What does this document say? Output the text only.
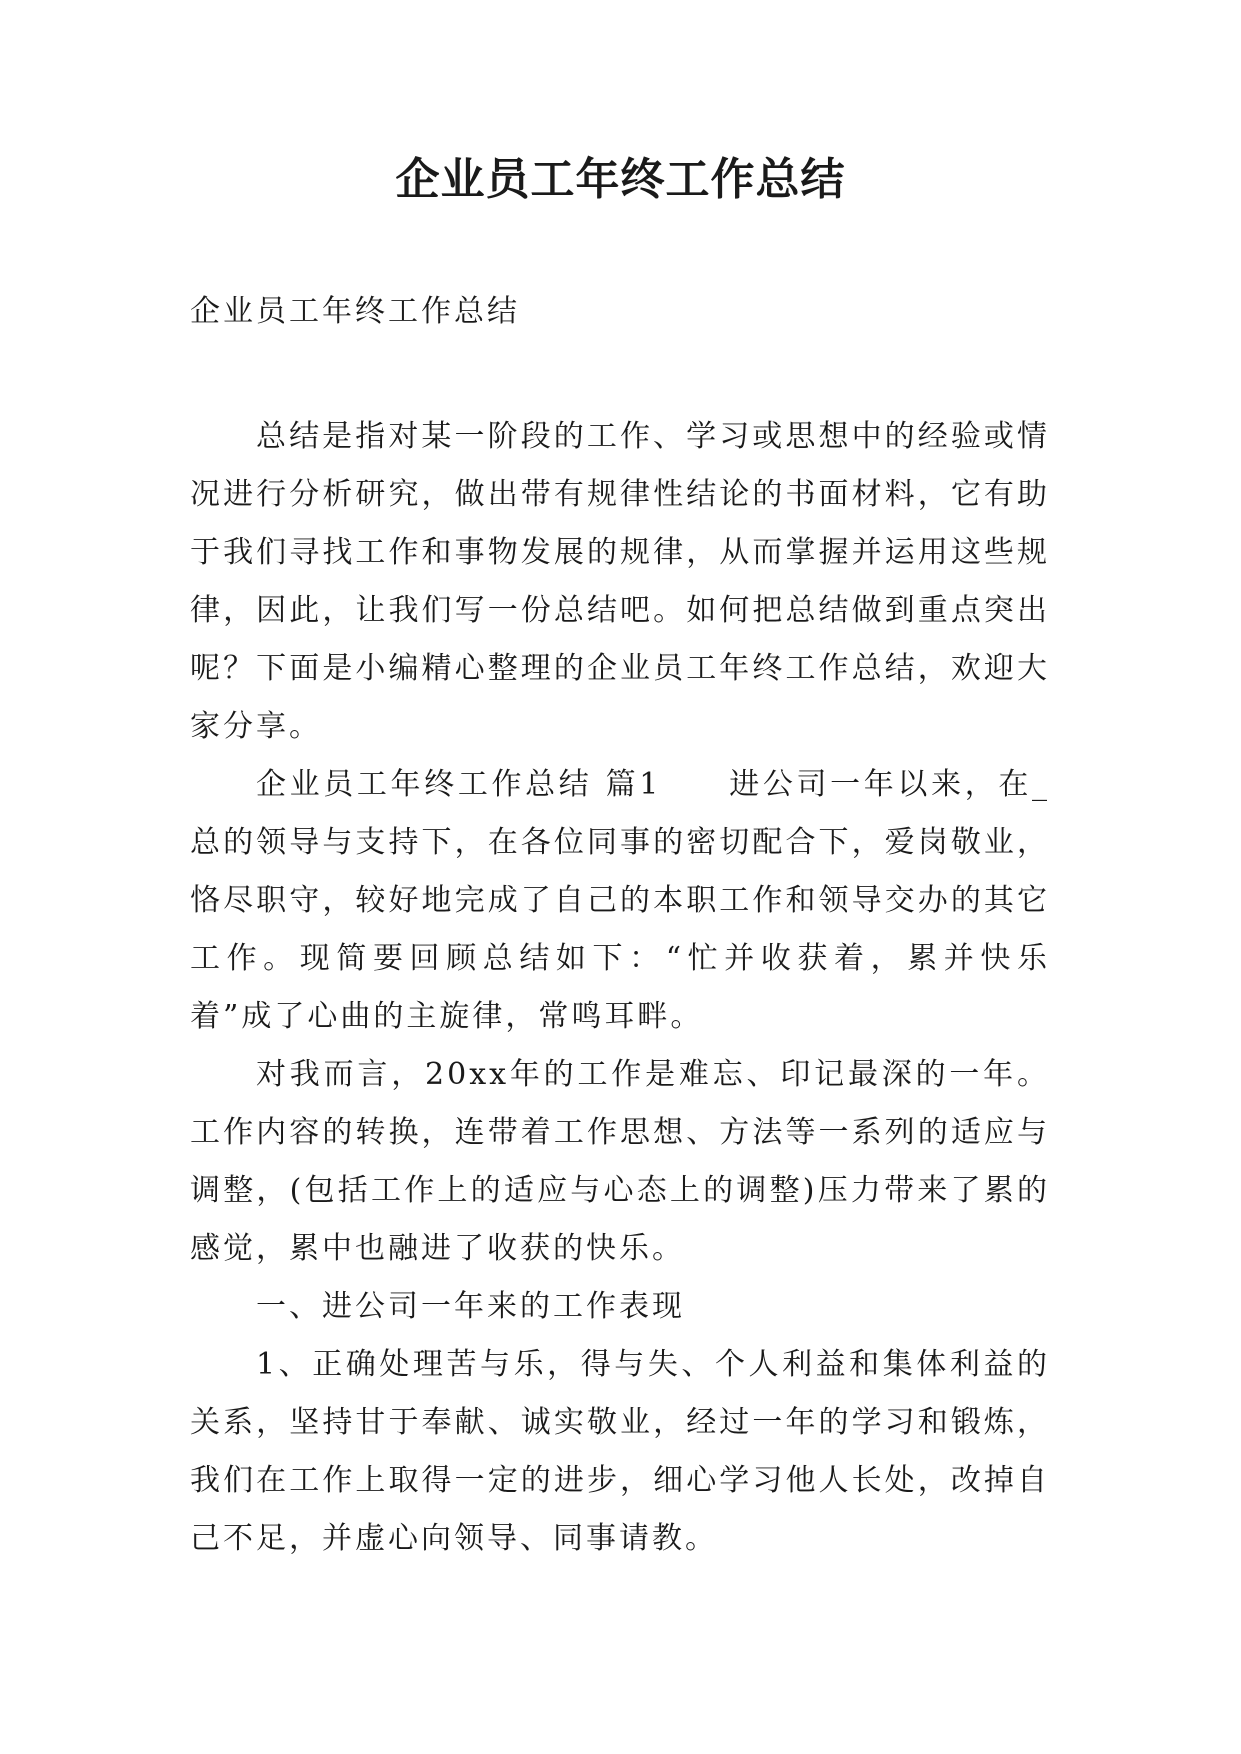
企业员工年终工作总结

企业员工年终工作总结

总结是指对某一阶段的工作、学习或思想中的经验或情况进行分析研究，做出带有规律性结论的书面材料，它有助于我们寻找工作和事物发展的规律，从而掌握并运用这些规律，因此，让我们写一份总结吧。如何把总结做到重点突出呢？下面是小编精心整理的企业员工年终工作总结，欢迎大家分享。

企业员工年终工作总结 篇1　　进公司一年以来，在_总的领导与支持下，在各位同事的密切配合下，爱岗敬业，恪尽职守，较好地完成了自己的本职工作和领导交办的其它工作。现简要回顾总结如下：“忙并收获着，累并快乐着”成了心曲的主旋律，常鸣耳畔。

对我而言，20xx年的工作是难忘、印记最深的一年。工作内容的转换，连带着工作思想、方法等一系列的适应与调整，(包括工作上的适应与心态上的调整)压力带来了累的感觉，累中也融进了收获的快乐。

一、进公司一年来的工作表现

1、正确处理苦与乐，得与失、个人利益和集体利益的关系，坚持甘于奉献、诚实敬业，经过一年的学习和锻炼，我们在工作上取得一定的进步，细心学习他人长处，改掉自己不足，并虚心向领导、同事请教。
